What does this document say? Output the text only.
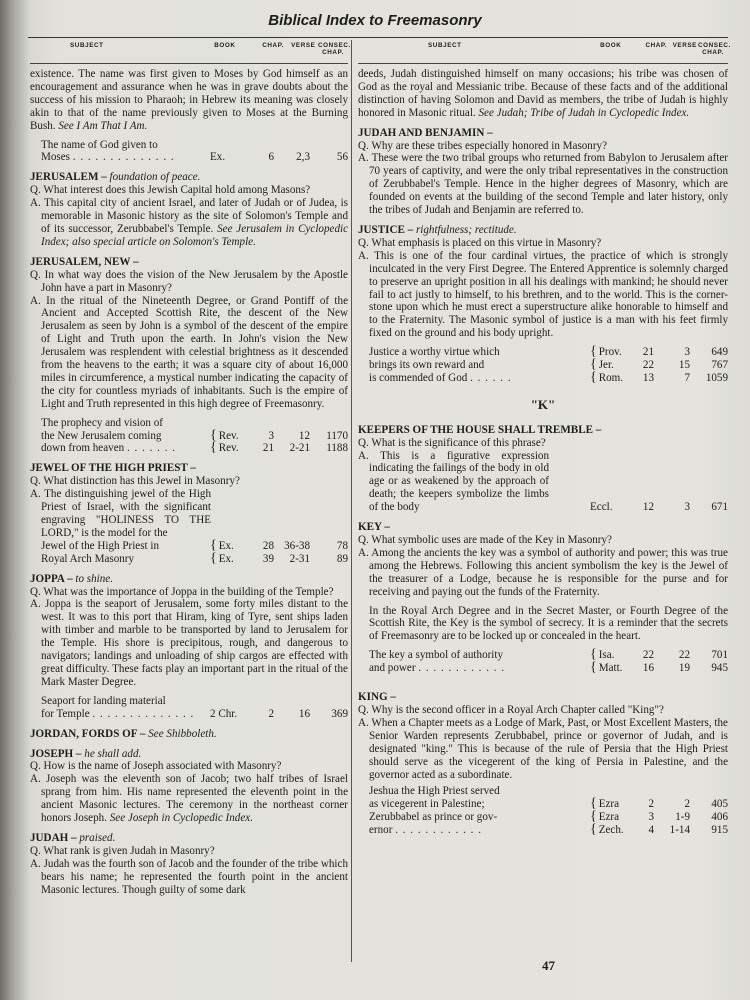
Biblical Index to Freemasonry
SUBJECT	BOOK	CHAP.	VERSE CONSEC.
CHAP.

existence. The name was first given to Moses by God himself as an encouragement and assurance when he was in grave doubts about the success of his mission to Pharaoh; in Hebrew its meaning was closely akin to that of the name previously given to Moses at the Burning Bush. See I Am That I Am.

The name of God given to
Moses . . . . . . . . . . . . . .	Ex.	6	2,3	56
JERUSALEM – foundation of peace.

Q. What interest does this Jewish Capital hold among Masons?

A. This capital city of ancient Israel, and later of Judah or of Judea, is memorable in Masonic history as the site of Solomon's Temple and of its successor, Zerubbabel's Temple. See Jerusalem in Cyclopedic Index; also special article on Solomon's Temple.

JERUSALEM, NEW –

Q. In what way does the vision of the New Jerusalem by the Apostle John have a part in Masonry?

A. In the ritual of the Nineteenth Degree, or Grand Pontiff of the Ancient and Accepted Scottish Rite, the descent of the New Jerusalem as seen by John is a symbol of the descent of the empire of Light and Truth upon the earth. In John's vision the New Jerusalem was resplendent with celestial brightness as it descended from the heavens to the earth; it was a square city of about 16,000 miles in circumference, a mystical number indicating the capacity of the city for countless myriads of inhabitants. Such is the empire of Light and Truth represented in this high degree of Freemasonry.

The prophecy and vision of
the New Jerusalem coming
down from heaven . . . . . . .
{ Rev.	3	12	1170
{ Rev.	21	2-21	1188
JEWEL OF THE HIGH PRIEST –

Q. What distinction has this Jewel in Masonry?

A. The distinguishing jewel of the High Priest of Israel, with the significant engraving "HOLINESS TO THE LORD," is the model for the

Jewel of the High Priest in
Royal Arch Masonry
{ Ex.	28 36-38	78
{ Ex.	39	2-31	89
JOPPA – to shine.

Q. What was the importance of Joppa in the building of the Temple?

A. Joppa is the seaport of Jerusalem, some forty miles distant to the west. It was to this port that Hiram, king of Tyre, sent ships laden with timber and marble to be transported by land to Jerusalem for the Temple. His shore is precipitous, rough, and dangerous to navigators; landings and unloading of ship cargos are effected with great difficulty. These facts play an important part in the ritual of the Mark Master Degree.

Seaport for landing material
for Temple . . . . . . . . . . . . . .	2 Chr.	2	16	369
JORDAN, FORDS OF – See Shibboleth.
JOSEPH – he shall add.

Q. How is the name of Joseph associated with Masonry?

A. Joseph was the eleventh son of Jacob; two half tribes of Israel sprang from him. His name represented the eleventh point in the ancient Masonic lectures. The ceremony in the northeast corner honors Joseph. See Joseph in Cyclopedic Index.

JUDAH – praised.

Q. What rank is given Judah in Masonry?

A. Judah was the fourth son of Jacob and the founder of the tribe which bears his name; he represented the fourth point in the ancient Masonic lectures. Though guilty of some dark

SUBJECT	BOOK	CHAP. VERSE CONSEC.
CHAP.

deeds, Judah distinguished himself on many occasions; his tribe was chosen of God as the royal and Messianic tribe. Because of these facts and of the additional distinction of having Solomon and David as members, the tribe of Judah is highly honored in Masonic ritual. See Judah; Tribe of Judah in Cyclopedic Index.

JUDAH AND BENJAMIN –

Q. Why are these tribes especially honored in Masonry?

A. These were the two tribal groups who returned from Babylon to Jerusalem after 70 years of captivity, and were the only tribal representatives in the construction of Zerubbabel's Temple. Hence in the higher degrees of Masonry, which are founded on events at the building of the second Temple and later history, only the tribes of Judah and Benjamin are referred to.

JUSTICE – rightfulness; rectitude.

Q. What emphasis is placed on this virtue in Masonry?

A. This is one of the four cardinal virtues, the practice of which is strongly inculcated in the very First Degree. The Entered Apprentice is solemnly charged to preserve an upright position in all his dealings with mankind; he should never fail to act justly to himself, to his brethren, and to the world. This is the corner-stone upon which he must erect a superstructure alike honorable to himself and to the Fraternity. The Masonic symbol of justice is a man with his feet firmly fixed on the ground and his body upright.

Justice a worthy virtue which
brings its own reward and
is commended of God . . . . . .
{ Prov.	21	3	649
{ Jer.	22	15	767
{ Rom.	13	7	1059
"K"
KEEPERS OF THE HOUSE SHALL TREMBLE –

Q. What is the significance of this phrase?

A. This is a figurative expression indicating the failings of the body in old age or as weakened by the approach of death; the keepers symbolize the limbs of the body	Eccl.	12	3	671
KEY –

Q. What symbolic uses are made of the Key in Masonry?

A. Among the ancients the key was a symbol of authority and power; this was true among the Hebrews. Following this ancient symbolism the key is the Jewel of the treasurer of a Lodge, because he is responsible for the purse and for receiving and paying out the funds of the Fraternity.

In the Royal Arch Degree and in the Secret Master, or Fourth Degree of the Scottish Rite, the Key is the symbol of secrecy. It is a reminder that the secrets of Freemasonry are to be locked up or concealed in the heart.

The key a symbol of authority
and power . . . . . . . . . . . .
{ Isa.	22	22	701
{ Matt.	16	19	945
KING –

Q. Why is the second officer in a Royal Arch Chapter called "King"?

A. When a Chapter meets as a Lodge of Mark, Past, or Most Excellent Masters, the Senior Warden represents Zerubbabel, prince or governor of Judah, and is designated "king." This is because of the rule of Persia that the High Priest should serve as the vicegerent of the king of Persia in Palestine, and the governor acted as a subordinate.

Jeshua the High Priest served
as vicegerent in Palestine;
Zerubbabel as prince or gov-
ernor . . . . . . . . . . . .
{ Ezra	2	2	405
{ Ezra	3	1-9	406
{ Zech.	4	1-14	915
47
